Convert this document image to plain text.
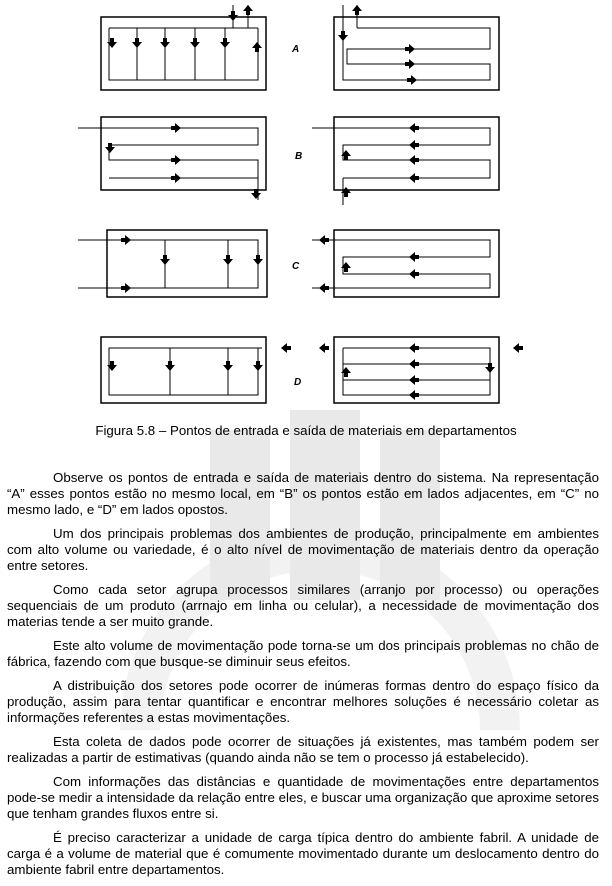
A
B
C
D
Figura 5.8 – Pontos de entrada e saída de materiais em departamentos

Observe os pontos de entrada e saída de materiais dentro do sistema. Na representação “A” esses pontos estão no mesmo local, em “B” os pontos estão em lados adjacentes, em “C” no mesmo lado, e “D” em lados opostos.

Um dos principais problemas dos ambientes de produção, principalmente em ambientes com alto volume ou variedade, é o alto nível de movimentação de materiais dentro da operação entre setores.

Como cada setor agrupa processos similares (arranjo por processo) ou operações sequenciais de um produto (arrnajo em linha ou celular), a necessidade de movimentação dos materias tende a ser muito grande.

Este alto volume de movimentação pode torna-se um dos principais problemas no chão de fábrica, fazendo com que busque-se diminuir seus efeitos.

A distribuição dos setores pode ocorrer de inúmeras formas dentro do espaço físico da produção, assim para tentar quantificar e encontrar melhores soluções é necessário coletar as informações referentes a estas movimentações.

Esta coleta de dados pode ocorrer de situações já existentes, mas também podem ser realizadas a partir de estimativas (quando ainda não se tem o processo já estabelecido).

Com informações das distâncias e quantidade de movimentações entre departamentos pode-se medir a intensidade da relação entre eles, e buscar uma organização que aproxime setores que tenham grandes fluxos entre si.

É preciso caracterizar a unidade de carga típica dentro do ambiente fabril. A unidade de carga é a volume de material que é comumente movimentado durante um deslocamento dentro do ambiente fabril entre departamentos.
